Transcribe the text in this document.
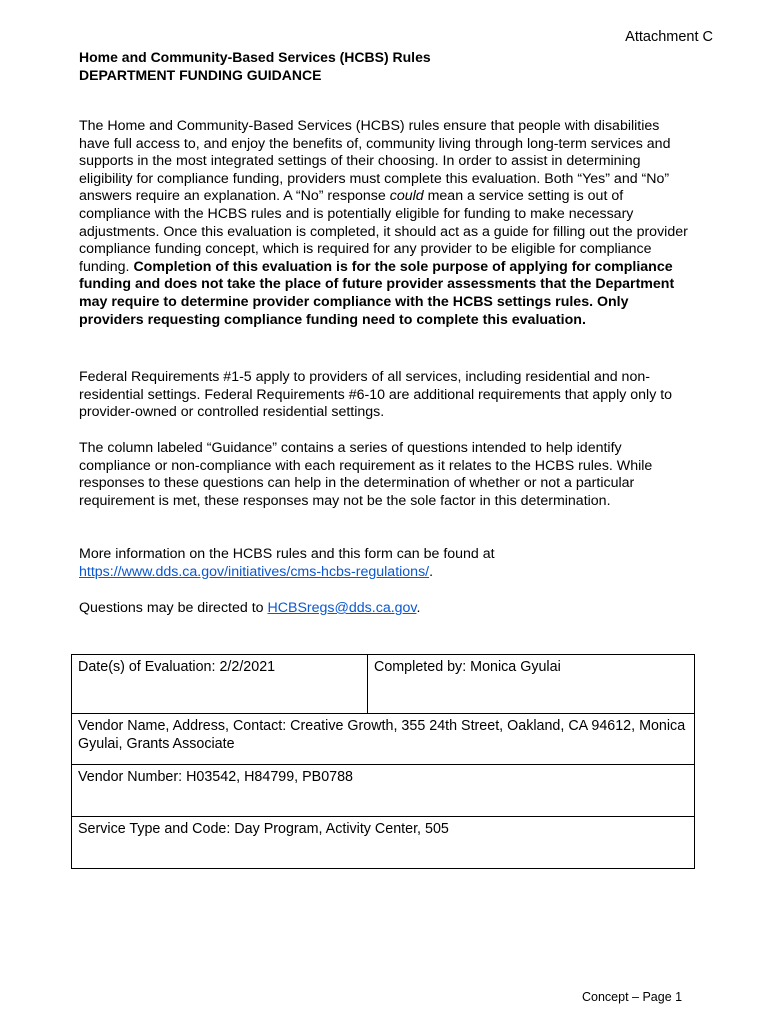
Attachment C
Home and Community-Based Services (HCBS) Rules
DEPARTMENT FUNDING GUIDANCE

The Home and Community-Based Services (HCBS) rules ensure that people with disabilities have full access to, and enjoy the benefits of, community living through long-term services and supports in the most integrated settings of their choosing. In order to assist in determining eligibility for compliance funding, providers must complete this evaluation. Both “Yes” and “No” answers require an explanation. A “No” response could mean a service setting is out of compliance with the HCBS rules and is potentially eligible for funding to make necessary adjustments. Once this evaluation is completed, it should act as a guide for filling out the provider compliance funding concept, which is required for any provider to be eligible for compliance funding. Completion of this evaluation is for the sole purpose of applying for compliance funding and does not take the place of future provider assessments that the Department may require to determine provider compliance with the HCBS settings rules. Only providers requesting compliance funding need to complete this evaluation.

Federal Requirements #1-5 apply to providers of all services, including residential and non-residential settings. Federal Requirements #6-10 are additional requirements that apply only to provider-owned or controlled residential settings.

The column labeled “Guidance” contains a series of questions intended to help identify compliance or non-compliance with each requirement as it relates to the HCBS rules. While responses to these questions can help in the determination of whether or not a particular requirement is met, these responses may not be the sole factor in this determination.

More information on the HCBS rules and this form can be found at
https://www.dds.ca.gov/initiatives/cms-hcbs-regulations/.

Questions may be directed to HCBSregs@dds.ca.gov.

Date(s) of Evaluation: 2/2/2021	Completed by: Monica Gyulai
Vendor Name, Address, Contact: Creative Growth, 355 24th Street, Oakland, CA 94612, Monica Gyulai, Grants Associate
Vendor Number: H03542, H84799, PB0788
Service Type and Code: Day Program, Activity Center, 505
Concept – Page 1
